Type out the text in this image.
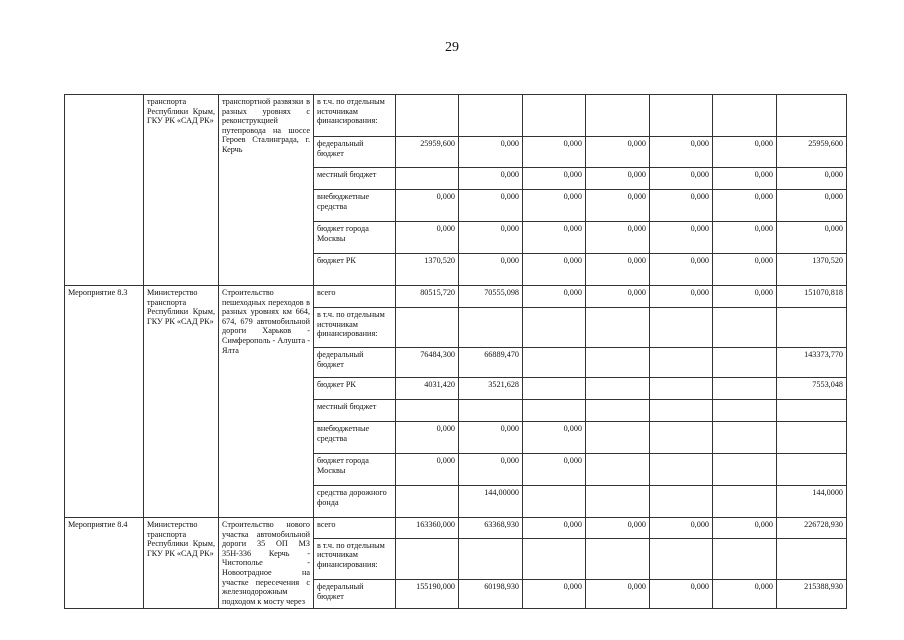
29
	транспорта Республики Крым, ГКУ РК «САД РК»	транспортной развязки в разных уровнях с реконструкцией путепровода на шоссе Героев Сталинграда, г. Керчь	в т.ч. по отдельным источникам финансирования:							
			федеральный бюджет	25959,600	0,000	0,000	0,000	0,000	0,000	25959,600
			местный бюджет		0,000	0,000	0,000	0,000	0,000	0,000
			внебюджетные средства	0,000	0,000	0,000	0,000	0,000	0,000	0,000
			бюджет города Москвы	0,000	0,000	0,000	0,000	0,000	0,000	0,000
			бюджет РК	1370,520	0,000	0,000	0,000	0,000	0,000	1370,520
Мероприятие 8.3	Министерство транспорта Республики Крым, ГКУ РК «САД РК»	Строительство пешеходных переходов в разных уровнях км 664, 674, 679 автомобильной дороги Харьков - Симферополь - Алушта - Ялта	всего	80515,720	70555,098	0,000	0,000	0,000	0,000	151070,818
			в т.ч. по отдельным источникам финансирования:							
			федеральный бюджет	76484,300	66889,470					143373,770
			бюджет РК	4031,420	3521,628					7553,048
			местный бюджет							
			внебюджетные средства	0,000	0,000	0,000				
			бюджет города Москвы	0,000	0,000	0,000				
			средства дорожного фонда		144,00000					144,0000
Мероприятие 8.4	Министерство транспорта Республики Крым, ГКУ РК «САД РК»	Строительство нового участка автомобильной дороги 35 ОП МЗ 35Н-336 Керчь - Чистополье - Новоотрадное на участке пересечения с железнодорожным подходом к мосту через	всего	163360,000	63368,930	0,000	0,000	0,000	0,000	226728,930
			в т.ч. по отдельным источникам финансирования:							
			федеральный бюджет	155190,000	60198,930	0,000	0,000	0,000	0,000	215388,930
